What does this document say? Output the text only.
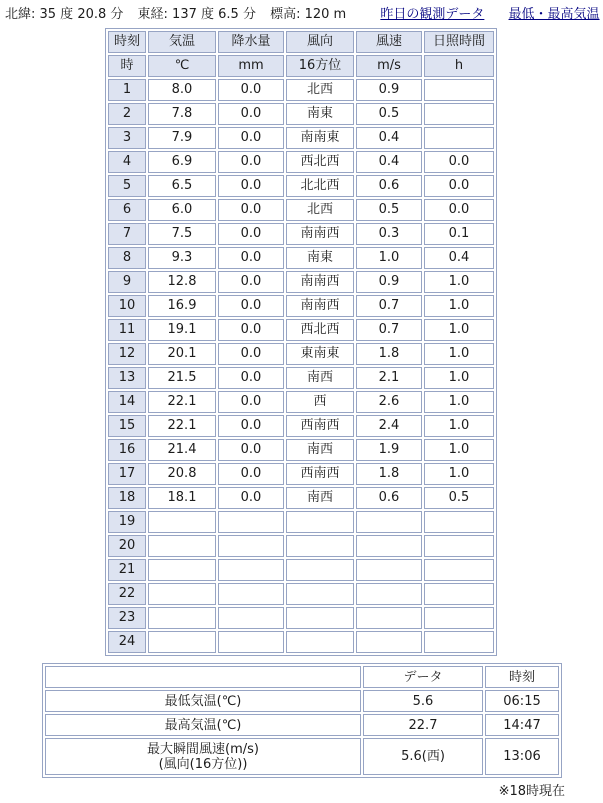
北緯: 35 度 20.8 分 東経: 137 度 6.5 分 標高: 120 m	昨日の観測データ 最低・最高気温
時刻	気温	降水量	風向	風速	日照時間
時	℃	mm	16方位	m/s	h
1	8.0	0.0	北西	0.9	
2	7.8	0.0	南東	0.5	
3	7.9	0.0	南南東	0.4	
4	6.9	0.0	西北西	0.4	0.0
5	6.5	0.0	北北西	0.6	0.0
6	6.0	0.0	北西	0.5	0.0
7	7.5	0.0	南南西	0.3	0.1
8	9.3	0.0	南東	1.0	0.4
9	12.8	0.0	南南西	0.9	1.0
10	16.9	0.0	南南西	0.7	1.0
11	19.1	0.0	西北西	0.7	1.0
12	20.1	0.0	東南東	1.8	1.0
13	21.5	0.0	南西	2.1	1.0
14	22.1	0.0	西	2.6	1.0
15	22.1	0.0	西南西	2.4	1.0
16	21.4	0.0	南西	1.9	1.0
17	20.8	0.0	西南西	1.8	1.0
18	18.1	0.0	南西	0.6	0.5
19					
20					
21					
22					
23					
24					
	データ	時刻

最低気温(℃)	5.6	06:15

最高気温(℃)	22.7	14:47

最大瞬間風速(m/s)
(風向(16方位))	5.6(西)	13:06
※18時現在
